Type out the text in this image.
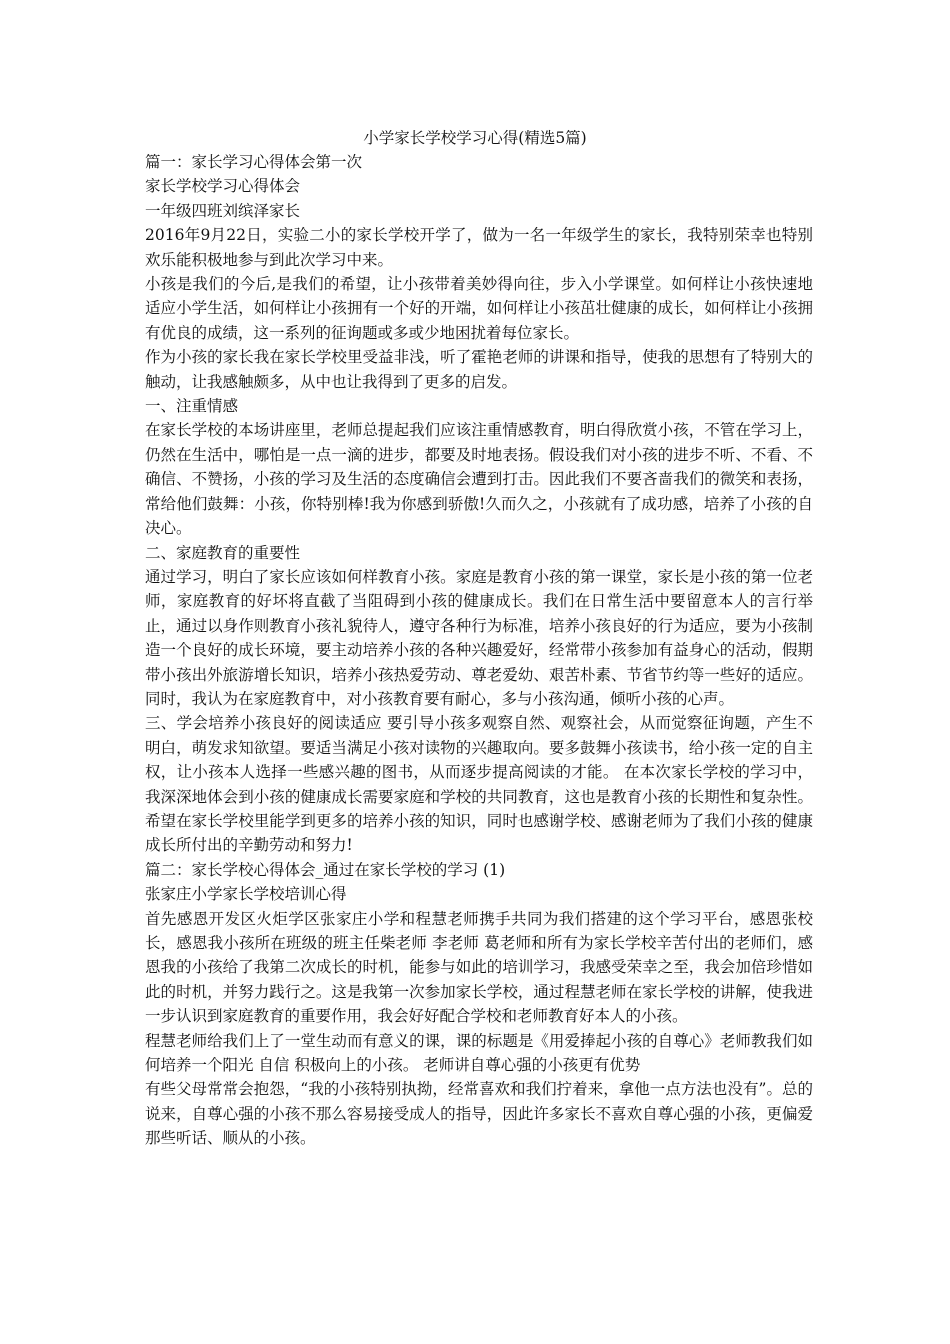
小学家长学校学习心得(精选5篇)

篇一：家长学习心得体会第一次

家长学校学习心得体会

一年级四班刘缤泽家长

2016年9月22日，实验二小的家长学校开学了，做为一名一年级学生的家长，我特别荣幸也特别欢乐能积极地参与到此次学习中来。

小孩是我们的今后,是我们的希望，让小孩带着美妙得向往，步入小学课堂。如何样让小孩快速地适应小学生活，如何样让小孩拥有一个好的开端，如何样让小孩茁壮健康的成长，如何样让小孩拥有优良的成绩，这一系列的征询题或多或少地困扰着每位家长。

作为小孩的家长我在家长学校里受益非浅，听了霍艳老师的讲课和指导，使我的思想有了特别大的触动，让我感触颇多，从中也让我得到了更多的启发。

一、注重情感

在家长学校的本场讲座里，老师总提起我们应该注重情感教育，明白得欣赏小孩，不管在学习上，仍然在生活中，哪怕是一点一滴的进步，都要及时地表扬。假设我们对小孩的进步不听、不看、不确信、不赞扬，小孩的学习及生活的态度确信会遭到打击。因此我们不要吝啬我们的微笑和表扬，常给他们鼓舞：小孩，你特别棒!我为你感到骄傲!久而久之，小孩就有了成功感，培养了小孩的自决心。

二、家庭教育的重要性

通过学习，明白了家长应该如何样教育小孩。家庭是教育小孩的第一课堂，家长是小孩的第一位老师，家庭教育的好坏将直截了当阻碍到小孩的健康成长。我们在日常生活中要留意本人的言行举止，通过以身作则教育小孩礼貌待人，遵守各种行为标准，培养小孩良好的行为适应，要为小孩制造一个良好的成长环境，要主动培养小孩的各种兴趣爱好，经常带小孩参加有益身心的活动，假期带小孩出外旅游增长知识，培养小孩热爱劳动、尊老爱幼、艰苦朴素、节省节约等一些好的适应。同时，我认为在家庭教育中，对小孩教育要有耐心，多与小孩沟通，倾听小孩的心声。

三、学会培养小孩良好的阅读适应 要引导小孩多观察自然、观察社会，从而觉察征询题，产生不明白，萌发求知欲望。要适当满足小孩对读物的兴趣取向。要多鼓舞小孩读书，给小孩一定的自主权，让小孩本人选择一些感兴趣的图书，从而逐步提高阅读的才能。 在本次家长学校的学习中，我深深地体会到小孩的健康成长需要家庭和学校的共同教育，这也是教育小孩的长期性和复杂性。希望在家长学校里能学到更多的培养小孩的知识，同时也感谢学校、感谢老师为了我们小孩的健康成长所付出的辛勤劳动和努力!

篇二：家长学校心得体会_通过在家长学校的学习 (1)

张家庄小学家长学校培训心得

首先感恩开发区火炬学区张家庄小学和程慧老师携手共同为我们搭建的这个学习平台，感恩张校长，感恩我小孩所在班级的班主任柴老师 李老师 葛老师和所有为家长学校辛苦付出的老师们，感恩我的小孩给了我第二次成长的时机，能参与如此的培训学习，我感受荣幸之至，我会加倍珍惜如此的时机，并努力践行之。这是我第一次参加家长学校，通过程慧老师在家长学校的讲解，使我进一步认识到家庭教育的重要作用，我会好好配合学校和老师教育好本人的小孩。

程慧老师给我们上了一堂生动而有意义的课，课的标题是《用爱捧起小孩的自尊心》老师教我们如何培养一个阳光 自信 积极向上的小孩。 老师讲自尊心强的小孩更有优势

有些父母常常会抱怨，“我的小孩特别执拗，经常喜欢和我们拧着来，拿他一点方法也没有”。总的说来，自尊心强的小孩不那么容易接受成人的指导，因此许多家长不喜欢自尊心强的小孩，更偏爱那些听话、顺从的小孩。
